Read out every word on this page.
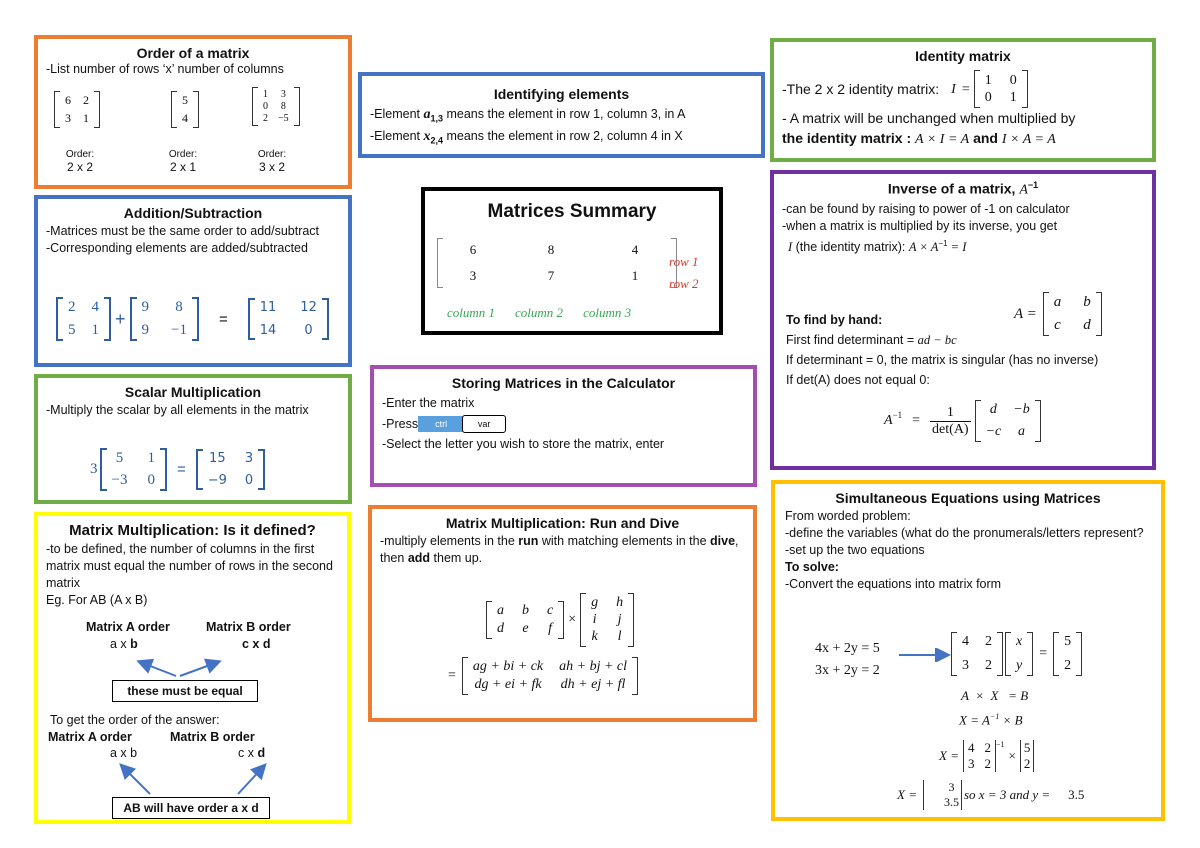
Order of a matrix
-List number of rows ‘x’ number of columns
6 2
3 1
5
4
1 3
0 8
2 −5
Order:
2 x 2
Order:
2 x 1
Order:
3 x 2
Identifying elements
-Element $a_{1,3}$ means the element in row 1, column 3, in A
-Element $x_{2,4}$ means the element in row 2, column 4 in X
Matrices Summary
6	8	4
3	7	1
row 1
row 2
column 1 column 2 column 3
Identity matrix
-The 2 x 2 identity matrix: I =
1 0
0 1
- A matrix will be unchanged when multiplied by
the identity matrix : A × I = A and I × A = A
Addition/Subtraction
-Matrices must be the same order to add/subtract
-Corresponding elements are added/subtracted
2 4
5 1
+
9 8
9 −1
=
11 12
14	0
Scalar Multiplication
-Multiply the scalar by all elements in the matrix
3
5 1
−3 0
=
15 3
−9 0
Storing Matrices in the Calculator
-Enter the matrix
-Press	ctrl	var
-Select the letter you wish to store the matrix, enter
Inverse of a matrix, $A^{-1}$
-can be found by raising to power of -1 on calculator
-when a matrix is multiplied by its inverse, you get
I (the identity matrix): $A \times A^{-1} = I$
To find by hand:	A =
a b
c d
First find determinant = ad − bc
If determinant = 0, the matrix is singular (has no inverse)
If det(A) does not equal 0:
$A^{-1}$ =
1
det(A)
d	−b
−c	a
Matrix Multiplication: Is it defined?
-to be defined, the number of columns in the first matrix must equal the number of rows in the second matrix
Eg. For AB (A x B)
Matrix A order	Matrix B order
a x b	c x d
these must be equal
To get the order of the answer:
Matrix A order	Matrix B order
a x b	c x d
AB will have order a x d
Matrix Multiplication: Run and Dive
-multiply elements in the run with matching elements in the dive, then add them up.
a b c
d e f
×
g h
i j
k l
=
ag + bi + ck ah + bj + cl
dg + ei + fk dh + ej + fl
Simultaneous Equations using Matrices
From worded problem:
-define the variables (what do the pronumerals/letters represent?
-set up the two equations
To solve:
-Convert the equations into matrix form
4x + 2y = 5
3x + 2y = 2
4 2
3 2
x
y
=
5
2
A  ×  X   = B
$X = A^{-1} \times B$
X =
4 2
3 2
$^{-1}$
×
5
2
X =	3
3.5 so x = 3 and y = 3.5
